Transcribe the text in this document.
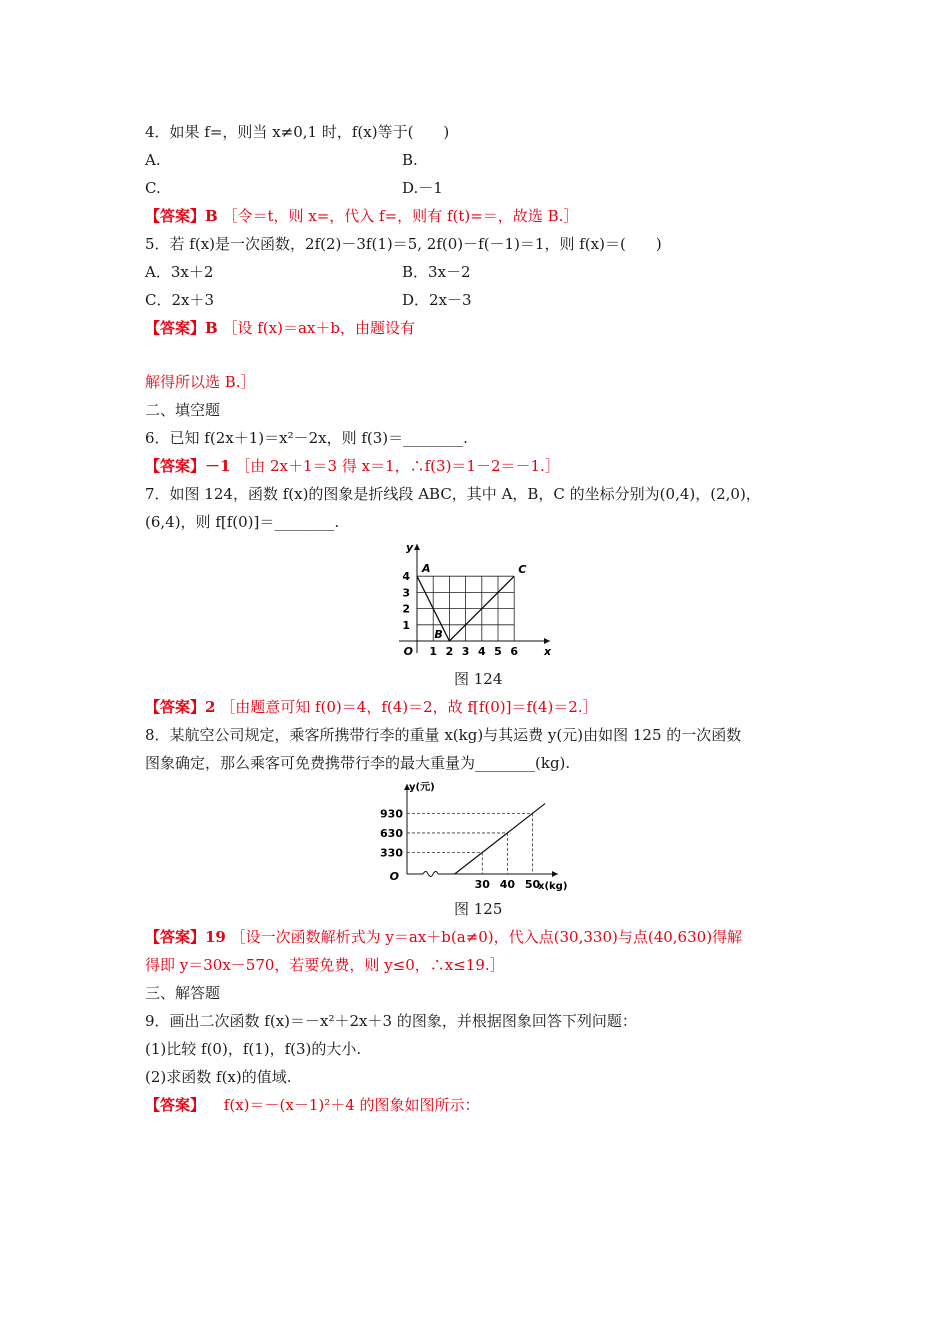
4．如果 f=，则当 x≠0,1 时，f(x)等于(　　)
A.	B.
C.	D.－1
【答案】B ［令＝t，则 x=，代入 f=，则有 f(t)=＝，故选 B.］
5．若 f(x)是一次函数，2f(2)－3f(1)＝5, 2f(0)－f(－1)＝1，则 f(x)＝(　　)
A．3x＋2	B．3x－2
C．2x＋3	D．2x－3
【答案】B ［设 f(x)＝ax＋b，由题设有
解得所以选 B.］
二、填空题
6．已知 f(2x＋1)＝x²－2x，则 f(3)＝________.
【答案】－1 ［由 2x＋1＝3 得 x＝1，∴f(3)＝1－2＝－1.］
7．如图 124，函数 f(x)的图象是折线段 ABC，其中 A，B，C 的坐标分别为(0,4)，(2,0)，
(6,4)，则 f[f(0)]＝________.
1 2 3 4 5 6
1
2
3
4
O	x
y
A
B
C
图 124
【答案】2 ［由题意可知 f(0)＝4，f(4)＝2，故 f[f(0)]＝f(4)＝2.］
8．某航空公司规定，乘客所携带行李的重量 x(kg)与其运费 y(元)由如图 125 的一次函数
图象确定，那么乘客可免费携带行李的最大重量为________(kg).
30 40 50
330
630
930
O
x(kg)
y(元)
图 125
【答案】19 ［设一次函数解析式为 y＝ax＋b(a≠0)，代入点(30,330)与点(40,630)得解
得即 y＝30x－570，若要免费，则 y≤0，∴x≤19.］
三、解答题
9．画出二次函数 f(x)＝－x²＋2x＋3 的图象，并根据图象回答下列问题：
(1)比较 f(0)，f(1)，f(3)的大小.
(2)求函数 f(x)的值域.
【答案】 f(x)＝－(x－1)²＋4 的图象如图所示：
